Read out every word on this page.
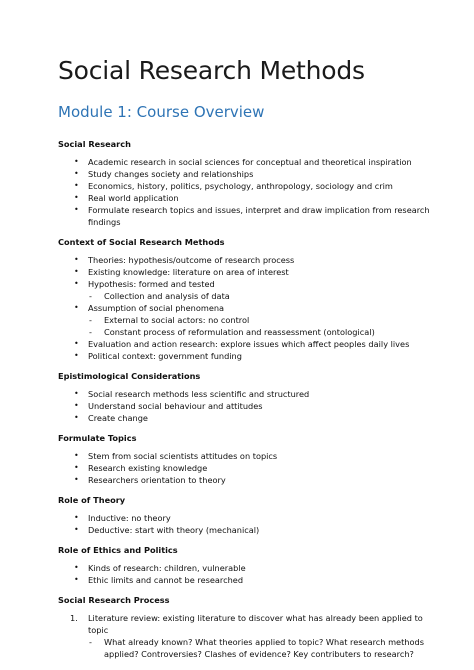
Social Research Methods
Module 1: Course Overview
Social Research
• Academic research in social sciences for conceptual and theoretical inspiration
• Study changes society and relationships
• Economics, history, politics, psychology, anthropology, sociology and crim
• Real world application
• Formulate research topics and issues, interpret and draw implication from research findings
Context of Social Research Methods
• Theories: hypothesis/outcome of research process
• Existing knowledge: literature on area of interest
• Hypothesis: formed and tested
- Collection and analysis of data
• Assumption of social phenomena
- External to social actors: no control
- Constant process of reformulation and reassessment (ontological)
• Evaluation and action research: explore issues which affect peoples daily lives
• Political context: government funding
Epistimological Considerations
• Social research methods less scientific and structured
• Understand social behaviour and attitudes
• Create change
Formulate Topics
• Stem from social scientists attitudes on topics
• Research existing knowledge
• Researchers orientation to theory
Role of Theory
• Inductive: no theory
• Deductive: start with theory (mechanical)
Role of Ethics and Politics
• Kinds of research: children, vulnerable
• Ethic limits and cannot be researched
Social Research Process
1. Literature review: existing literature to discover what has already been applied to topic
- What already known? What theories applied to topic? What research methods applied? Controversies? Clashes of evidence? Key contributers to research?
